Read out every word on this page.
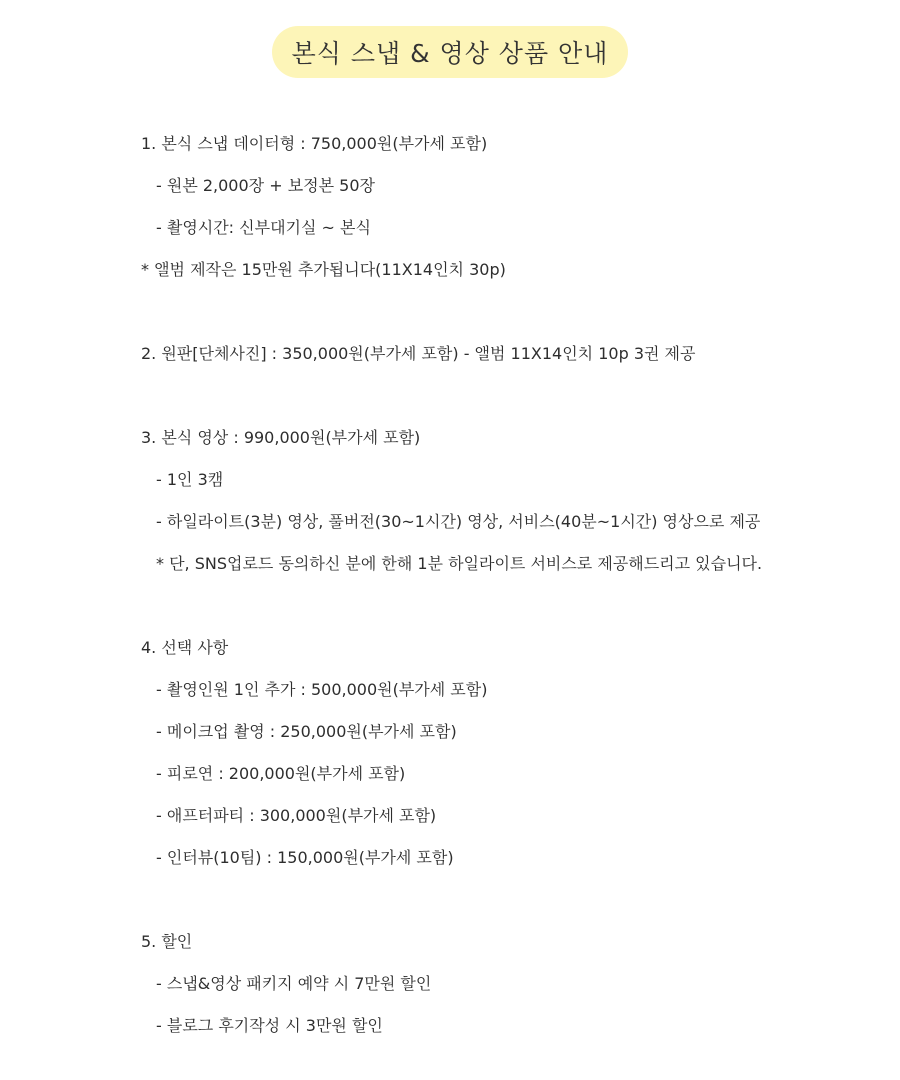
본식 스냅 & 영상 상품 안내
1. 본식 스냅 데이터형 : 750,000원(부가세 포함)
- 원본 2,000장 + 보정본 50장
- 촬영시간: 신부대기실 ~ 본식
* 앨범 제작은 15만원 추가됩니다(11X14인치 30p)
2. 원판[단체사진] : 350,000원(부가세 포함) - 앨범 11X14인치 10p 3권 제공
3. 본식 영상 : 990,000원(부가세 포함)
- 1인 3캠
- 하일라이트(3분) 영상, 풀버전(30~1시간) 영상, 서비스(40분~1시간) 영상으로 제공
* 단, SNS업로드 동의하신 분에 한해 1분 하일라이트 서비스로 제공해드리고 있습니다.
4. 선택 사항
- 촬영인원 1인 추가 : 500,000원(부가세 포함)
- 메이크업 촬영 : 250,000원(부가세 포함)
- 피로연 : 200,000원(부가세 포함)
- 애프터파티 : 300,000원(부가세 포함)
- 인터뷰(10팀) : 150,000원(부가세 포함)
5. 할인
- 스냅&영상 패키지 예약 시 7만원 할인
- 블로그 후기작성 시 3만원 할인
